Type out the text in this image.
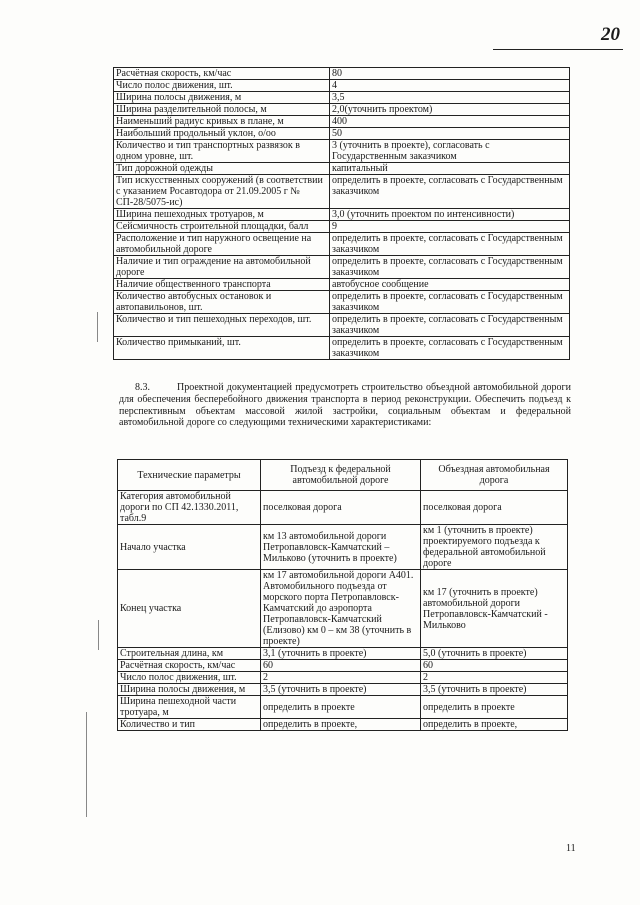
20
Расчётная скорость, км/час	80
Число полос движения, шт.	4
Ширина полосы движения, м	3,5
Ширина разделительной полосы, м	2,0(уточнить проектом)
Наименьший радиус кривых в плане, м	400
Наибольший продольный уклон, о/оо	50
Количество и тип транспортных развязок в одном уровне, шт.	3 (уточнить в проекте), согласовать с Государственным заказчиком
Тип дорожной одежды	капитальный
Тип искусственных сооружений (в соответствии с указанием Росавтодора от 21.09.2005 г № СП-28/5075-ис)	определить в проекте, согласовать с Государственным заказчиком
Ширина пешеходных тротуаров, м	3,0 (уточнить проектом по интенсивности)
Сейсмичность строительной площадки, балл	9
Расположение и тип наружного освещение на автомобильной дороге	определить в проекте, согласовать с Государственным заказчиком
Наличие и тип ограждение на автомобильной дороге	определить в проекте, согласовать с Государственным заказчиком
Наличие общественного транспорта	автобусное сообщение
Количество автобусных остановок и автопавильонов, шт.	определить в проекте, согласовать с Государственным заказчиком
Количество и тип пешеходных переходов, шт.	определить в проекте, согласовать с Государственным заказчиком
Количество примыканий, шт.	определить в проекте, согласовать с Государственным заказчиком
8.3.	Проектной документацией предусмотреть строительство объездной автомобильной дороги для обеспечения бесперебойного движения транспорта в период реконструкции. Обеспечить подъезд к перспективным объектам массовой жилой застройки, социальным объектам и федеральной автомобильной дороге со следующими техническими характеристиками:
Технические параметры	Подъезд к федеральной автомобильной дороге	Объездная автомобильная дорога
Категория автомобильной дороги по СП 42.1330.2011, табл.9	поселковая дорога	поселковая дорога
Начало участка	км 13 автомобильной дороги Петропавловск-Камчатский – Мильково (уточнить в проекте)	км 1 (уточнить в проекте) проектируемого подъезда к федеральной автомобильной дороге
Конец участка	км 17 автомобильной дороги А401. Автомобильного подъезда от морского порта Петропавловск-Камчатский до аэропорта Петропавловск-Камчатский (Елизово) км 0 – км 38 (уточнить в проекте)	км 17 (уточнить в проекте) автомобильной дороги Петропавловск-Камчатский - Мильково
Строительная длина, км	3,1 (уточнить в проекте)	5,0 (уточнить в проекте)
Расчётная скорость, км/час	60	60
Число полос движения, шт.	2	2
Ширина полосы движения, м	3,5 (уточнить в проекте)	3,5 (уточнить в проекте)
Ширина пешеходной части тротуара, м	определить в проекте	определить в проекте
Количество и тип	определить в проекте,	определить в проекте,
11
